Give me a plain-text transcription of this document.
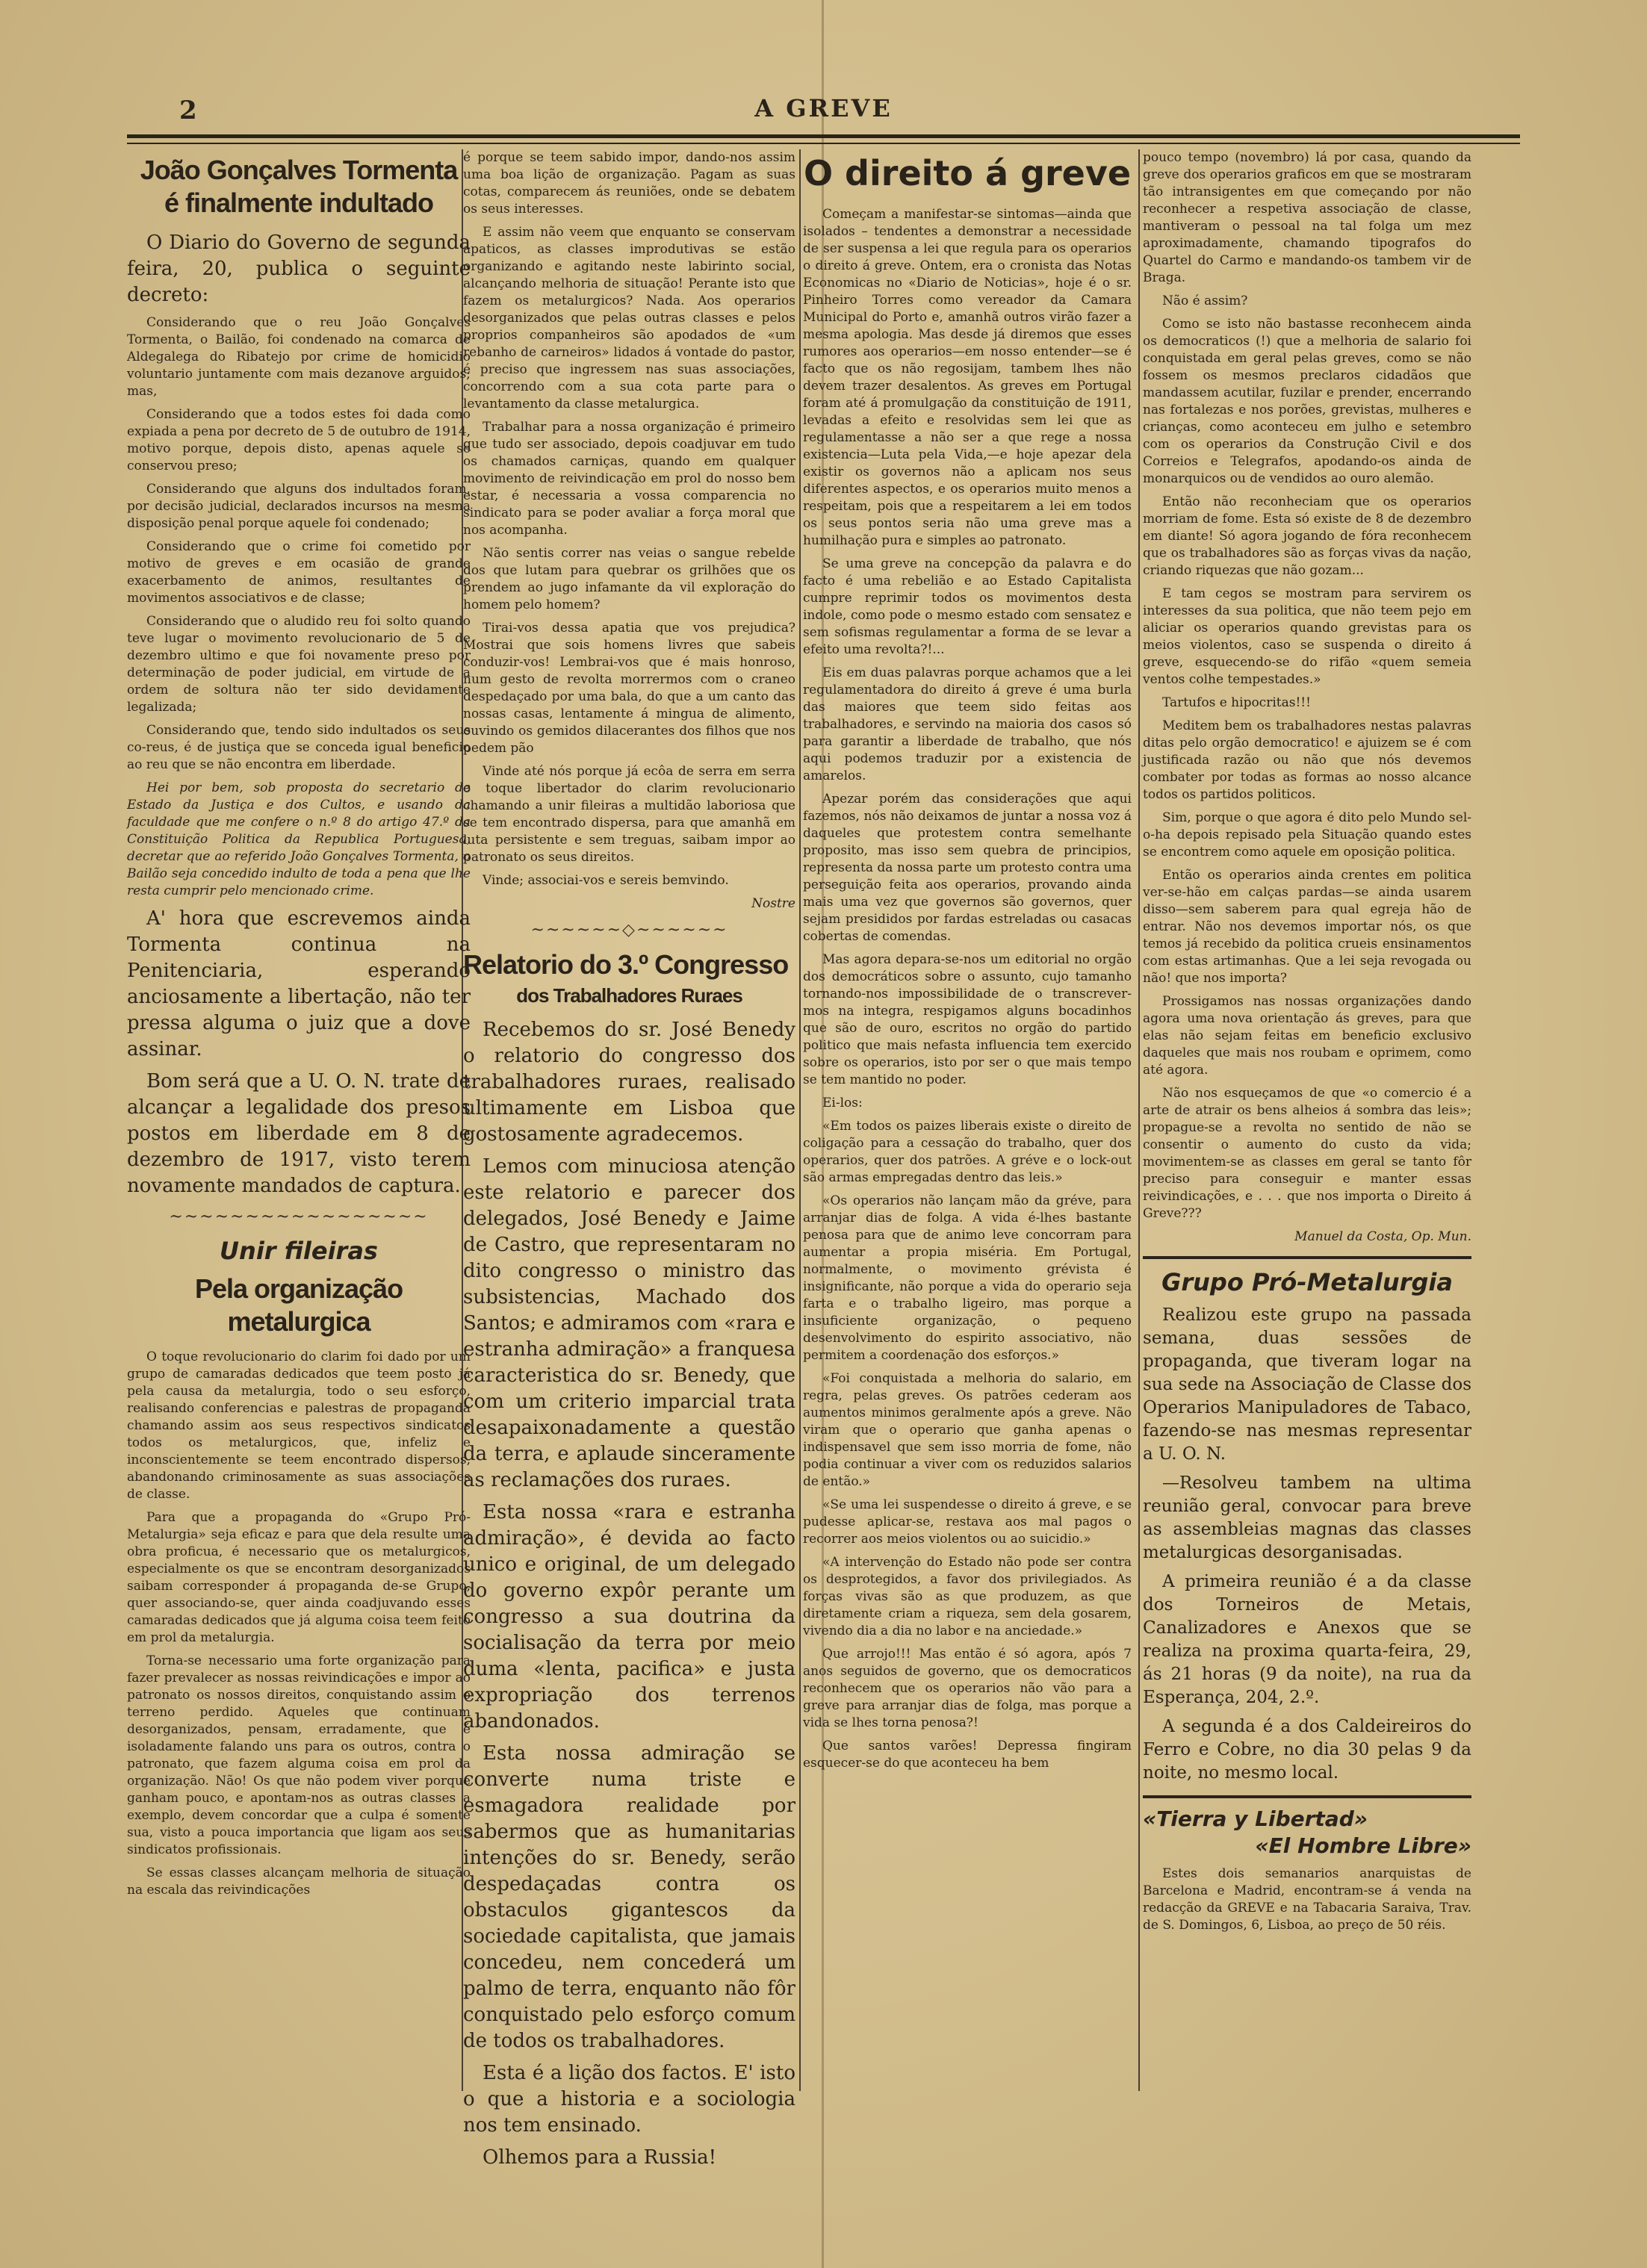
2	A GREVE
João Gonçalves Tormenta
é finalmente indultado

O Diario do Governo de segunda feira, 20, publica o seguinte decreto:

Considerando que o reu João Gonçalves Tormenta, o Bailão, foi condenado na comarca de Aldegalega do Ribatejo por crime de homicidio voluntario juntamente com mais dezanove arguidos; mas,

Considerando que a todos estes foi dada como expiada a pena por decreto de 5 de outubro de 1914, motivo porque, depois disto, apenas aquele se conservou preso;

Considerando que alguns dos indultados foram, por decisão judicial, declarados incursos na mesma disposição penal porque aquele foi condenado;

Considerando que o crime foi cometido por motivo de greves e em ocasião de grande exacerbamento de animos, resultantes de movimentos associativos e de classe;

Considerando que o aludido reu foi solto quando teve lugar o movimento revolucionario de 5 de dezembro ultimo e que foi novamente preso por determinação de poder judicial, em virtude de a ordem de soltura não ter sido devidamente legalizada;

Considerando que, tendo sido indultados os seus co-reus, é de justiça que se conceda igual beneficio ao reu que se não encontra em liberdade.

Hei por bem, sob proposta do secretario de Estado da Justiça e dos Cultos, e usando da faculdade que me confere o n.º 8 do artigo 47.º da Constituição Politica da Republica Portuguesa, decretar que ao referido João Gonçalves Tormenta, o Bailão seja concedido indulto de toda a pena que lhe resta cumprir pelo mencionado crime.

A' hora que escrevemos ainda Tormenta continua na Penitenciaria, esperando anciosamente a libertação, não ter pressa alguma o juiz que a dove assinar.

Bom será que a U. O. N. trate de alcançar a legalidade dos presos postos em liberdade em 8 de dezembro de 1917, visto terem novamente mandados de captura.

~~~~~~~~~~~~~~~~~
Unir fileiras
Pela organização metalurgica

O toque revolucionario do clarim foi dado por um grupo de camaradas dedicados que teem posto já pela causa da metalurgia, todo o seu esforço, realisando conferencias e palestras de propaganda chamando assim aos seus respectivos sindicatos todos os metalurgicos, que, infeliz e inconscientemente se teem encontrado dispersos, abandonando criminosamente as suas associações de classe.

Para que a propaganda do «Grupo Pró-Metalurgia» seja eficaz e para que dela resulte uma obra proficua, é necessario que os metalurgicos, especialmente os que se encontram desorganizados saibam corresponder á propaganda de-se Grupo, quer associando-se, quer ainda coadjuvando esses camaradas dedicados que já alguma coisa teem feito em prol da metalurgia.

Torna-se necessario uma forte organização para fazer prevalecer as nossas reivindicações e impor ao patronato os nossos direitos, conquistando assim o terreno perdido. Aqueles que continuam desorganizados, pensam, erradamente, que é isoladamente falando uns para os outros, contra o patronato, que fazem alguma coisa em prol da organização. Não! Os que não podem viver porque ganham pouco, e apontam-nos as outras classes a exemplo, devem concordar que a culpa é somente sua, visto a pouca importancia que ligam aos seus sindicatos profissionais.

Se essas classes alcançam melhoria de situação na escala das reivindicações

é porque se teem sabido impor, dando-nos assim uma boa lição de organização. Pagam as suas cotas, comparecem ás reuniões, onde se debatem os seus interesses.

E assim não veem que enquanto se conservam apaticos, as classes improdutivas se estão organizando e agitando neste labirinto social, alcançando melhoria de situação! Perante isto que fazem os metalurgicos? Nada. Aos operarios desorganizados que pelas outras classes e pelos proprios companheiros são apodados de «um rebanho de carneiros» lidados á vontade do pastor, é preciso que ingressem nas suas associações, concorrendo com a sua cota parte para o levantamento da classe metalurgica.

Trabalhar para a nossa organização é primeiro que tudo ser associado, depois coadjuvar em tudo os chamados carniças, quando em qualquer movimento de reivindicação em prol do nosso bem estar, é necessaria a vossa comparencia no sindicato para se poder avaliar a força moral que nos acompanha.

Não sentis correr nas veias o sangue rebelde dos que lutam para quebrar os grilhões que os prendem ao jugo infamante da vil exploração do homem pelo homem?

Tirai-vos dessa apatia que vos prejudica? Mostrai que sois homens livres que sabeis conduzir-vos! Lembrai-vos que é mais honroso, num gesto de revolta morrermos com o craneo despedaçado por uma bala, do que a um canto das nossas casas, lentamente á mingua de alimento, ouvindo os gemidos dilacerantes dos filhos que nos pedem pão

Vinde até nós porque já ecôa de serra em serra o toque libertador do clarim revolucionario chamando a unir fileiras a multidão laboriosa que se tem encontrado dispersa, para que amanhã em luta persistente e sem treguas, saibam impor ao patronato os seus direitos.

Vinde; associai-vos e sereis bemvindo.

Nostre

~~~~~~◇~~~~~~
Relatorio do 3.º Congresso
dos Trabalhadores Ruraes

Recebemos do sr. José Benedy o relatorio do congresso dos trabalhadores ruraes, realisado ultimamente em Lisboa que gostosamente agradecemos.

Lemos com minuciosa atenção este relatorio e parecer dos delegados, José Benedy e Jaime de Castro, que representaram no dito congresso o ministro das subsistencias, Machado dos Santos; e admiramos com «rara e estranha admiração» a franquesa caracteristica do sr. Benedy, que com um criterio imparcial trata desapaixonadamente a questão da terra, e aplaude sinceramente as reclamações dos ruraes.

Esta nossa «rara e estranha admiração», é devida ao facto unico e original, de um delegado do governo expôr perante um congresso a sua doutrina da socialisação da terra por meio duma «lenta, pacifica» e justa expropriação dos terrenos abandonados.

Esta nossa admiração se converte numa triste e esmagadora realidade por sabermos que as humanitarias intenções do sr. Benedy, serão despedaçadas contra os obstaculos gigantescos da sociedade capitalista, que jamais concedeu, nem concederá um palmo de terra, enquanto não fôr conquistado pelo esforço comum de todos os trabalhadores.

Esta é a lição dos factos. E' isto o que a historia e a sociologia nos tem ensinado.

Olhemos para a Russia!

O direito á greve

Começam a manifestar-se sintomas—ainda que isolados – tendentes a demonstrar a necessidade de ser suspensa a lei que regula para os operarios o direito á greve. Ontem, era o cronista das Notas Economicas no «Diario de Noticias», hoje é o sr. Pinheiro Torres como vereador da Camara Municipal do Porto e, amanhã outros virão fazer a mesma apologia. Mas desde já diremos que esses rumores aos operarios—em nosso entender—se é facto que os não regosijam, tambem lhes não devem trazer desalentos. As greves em Portugal foram até á promulgação da constituição de 1911, levadas a efeito e resolvidas sem lei que as regulamentasse a não ser a que rege a nossa existencia—Luta pela Vida,—e hoje apezar dela existir os governos não a aplicam nos seus diferentes aspectos, e os operarios muito menos a respeitam, pois que a respeitarem a lei em todos os seus pontos seria não uma greve mas a humilhação pura e simples ao patronato.

Se uma greve na concepção da palavra e do facto é uma rebelião e ao Estado Capitalista cumpre reprimir todos os movimentos desta indole, como pode o mesmo estado com sensatez e sem sofismas regulamentar a forma de se levar a efeito uma revolta?!...

Eis em duas palavras porque achamos que a lei regulamentadora do direito á greve é uma burla das maiores que teem sido feitas aos trabalhadores, e servindo na maioria dos casos só para garantir a liberdade de trabalho, que nós aqui podemos traduzir por a existencia de amarelos.

Apezar porém das considerações que aqui fazemos, nós não deixamos de juntar a nossa voz á daqueles que protestem contra semelhante proposito, mas isso sem quebra de principios, representa da nossa parte um protesto contra uma perseguição feita aos operarios, provando ainda mais uma vez que governos são governos, quer sejam presididos por fardas estreladas ou casacas cobertas de comendas.

Mas agora depara-se-nos um editorial no orgão dos democráticos sobre o assunto, cujo tamanho tornando-nos impossibilidade de o transcrever-mos na integra, respigamos alguns bocadinhos que são de ouro, escritos no orgão do partido politico que mais nefasta influencia tem exercido sobre os operarios, isto por ser o que mais tempo se tem mantido no poder.

Ei-los:

«Em todos os paizes liberais existe o direito de coligação para a cessação do trabalho, quer dos operarios, quer dos patrões. A gréve e o lock-out são armas empregadas dentro das leis.»

«Os operarios não lançam mão da gréve, para arranjar dias de folga. A vida é-lhes bastante penosa para que de animo leve concorram para aumentar a propia miséria. Em Portugal, normalmente, o movimento grévista é insignificante, não porque a vida do operario seja farta e o trabalho ligeiro, mas porque a insuficiente organização, o pequeno desenvolvimento do espirito associativo, não permitem a coordenação dos esforços.»

«Foi conquistada a melhoria do salario, em regra, pelas greves. Os patrões cederam aos aumentos minimos geralmente após a greve. Não viram que o operario que ganha apenas o indispensavel que sem isso morria de fome, não podia continuar a viver com os reduzidos salarios de então.»

«Se uma lei suspendesse o direito á greve, e se pudesse aplicar-se, restava aos mal pagos o recorrer aos meios violentos ou ao suicidio.»

«A intervenção do Estado não pode ser contra os desprotegidos, a favor dos privilegiados. As forças vivas são as que produzem, as que diretamente criam a riqueza, sem dela gosarem, vivendo dia a dia no labor e na anciedade.»

Que arrojo!!! Mas então é só agora, após 7 anos seguidos de governo, que os democraticos reconhecem que os operarios não vão para a greve para arranjar dias de folga, mas porque a vida se lhes torna penosa?!

Que santos varões! Depressa fingiram esquecer-se do que aconteceu ha bem

pouco tempo (novembro) lá por casa, quando da greve dos operarios graficos em que se mostraram tão intransigentes em que começando por não reconhecer a respetiva associação de classe, mantiveram o pessoal na tal folga um mez aproximadamente, chamando tipografos do Quartel do Carmo e mandando-os tambem vir de Braga.

Não é assim?

Como se isto não bastasse reconhecem ainda os democraticos (!) que a melhoria de salario foi conquistada em geral pelas greves, como se não fossem os mesmos preclaros cidadãos que mandassem acutilar, fuzilar e prender, encerrando nas fortalezas e nos porões, grevistas, mulheres e crianças, como aconteceu em julho e setembro com os operarios da Construção Civil e dos Correios e Telegrafos, apodando-os ainda de monarquicos ou de vendidos ao ouro alemão.

Então não reconheciam que os operarios morriam de fome. Esta só existe de 8 de dezembro em diante! Só agora jogando de fóra reconhecem que os trabalhadores são as forças vivas da nação, criando riquezas que não gozam...

E tam cegos se mostram para servirem os interesses da sua politica, que não teem pejo em aliciar os operarios quando grevistas para os meios violentos, caso se suspenda o direito á greve, esquecendo-se do rifão «quem semeia ventos colhe tempestades.»

Tartufos e hipocritas!!!

Meditem bem os trabalhadores nestas palavras ditas pelo orgão democratico! e ajuizem se é com justificada razão ou não que nós devemos combater por todas as formas ao nosso alcance todos os partidos politicos.

Sim, porque o que agora é dito pelo Mundo sel-o-ha depois repisado pela Situação quando estes se encontrem como aquele em oposição politica.

Então os operarios ainda crentes em politica ver-se-hão em calças pardas—se ainda usarem disso—sem saberem para qual egreja hão de entrar. Não nos devemos importar nós, os que temos já recebido da politica crueis ensinamentos com estas artimanhas. Que a lei seja revogada ou não! que nos importa?

Prossigamos nas nossas organizações dando agora uma nova orientação ás greves, para que elas não sejam feitas em beneficio exclusivo daqueles que mais nos roubam e oprimem, como até agora.

Não nos esqueçamos de que «o comercio é a arte de atrair os bens alheios á sombra das leis»; propague-se a revolta no sentido de não se consentir o aumento do custo da vida; movimentem-se as classes em geral se tanto fôr preciso para conseguir e manter essas reivindicações, e . . . que nos importa o Direito á Greve???

Manuel da Costa, Op. Mun.

Grupo Pró-Metalurgia

Realizou este grupo na passada semana, duas sessões de propaganda, que tiveram logar na sua sede na Associação de Classe dos Operarios Manipuladores de Tabaco, fazendo-se nas mesmas representar a U. O. N.

—Resolveu tambem na ultima reunião geral, convocar para breve as assembleias magnas das classes metalurgicas desorganisadas.

A primeira reunião é a da classe dos Torneiros de Metais, Canalizadores e Anexos que se realiza na proxima quarta-feira, 29, ás 21 horas (9 da noite), na rua da Esperança, 204, 2.º.

A segunda é a dos Caldeireiros do Ferro e Cobre, no dia 30 pelas 9 da noite, no mesmo local.

«Tierra y Libertad»
«El Hombre Libre»

Estes dois semanarios anarquistas de Barcelona e Madrid, encontram-se á venda na redacção da GREVE e na Tabacaria Saraiva, Trav. de S. Domingos, 6, Lisboa, ao preço de 50 réis.
